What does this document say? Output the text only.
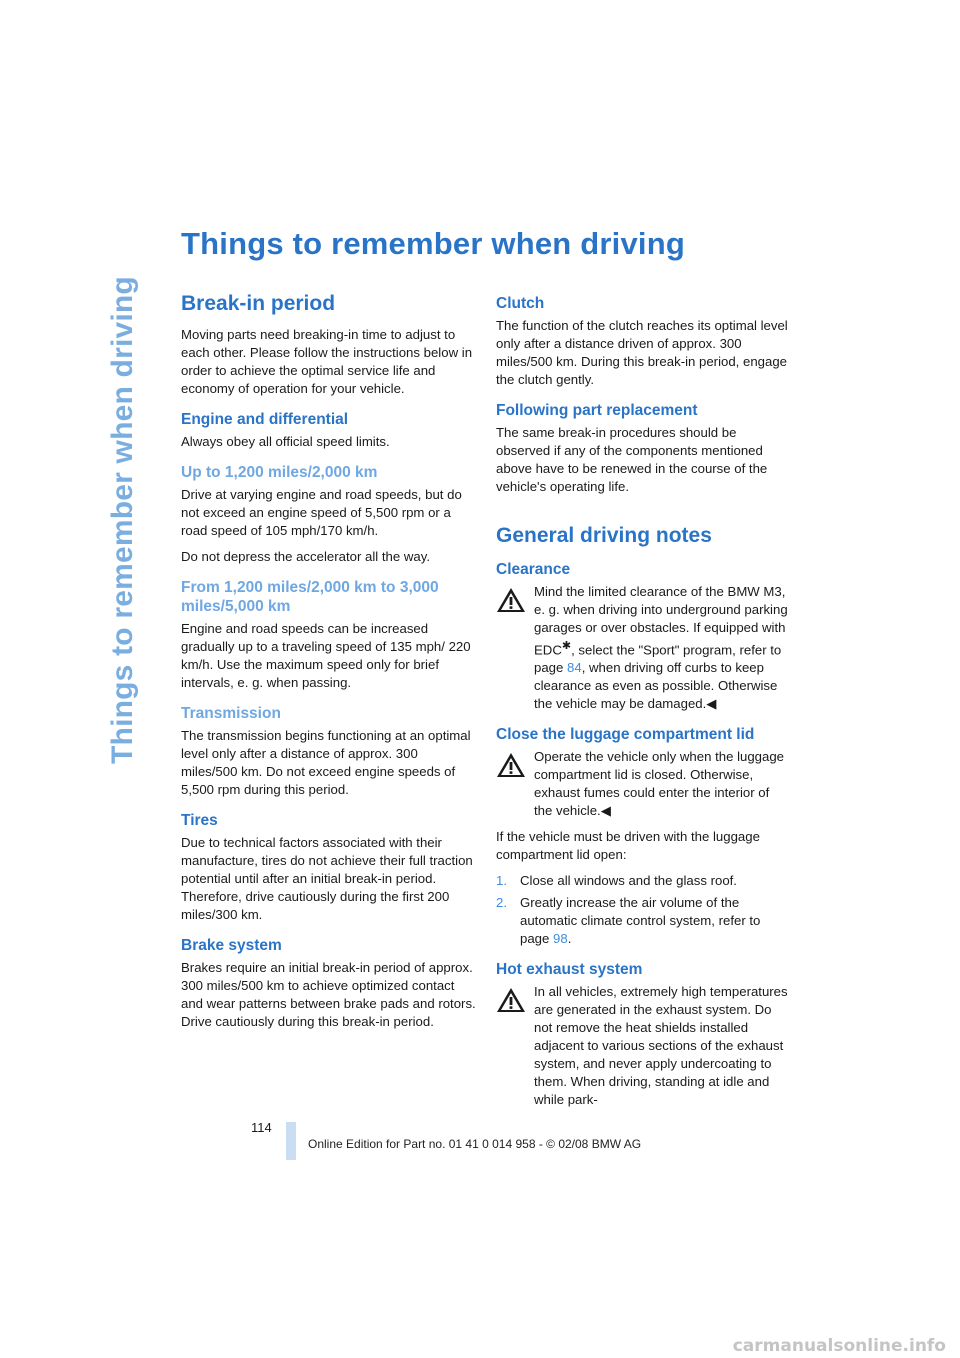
Things to remember when driving
Things to remember when driving
Break-in period

Moving parts need breaking-in time to adjust to each other. Please follow the instructions below in order to achieve the optimal service life and economy of operation for your vehicle.

Engine and differential

Always obey all official speed limits.

Up to 1,200 miles/2,000 km

Drive at varying engine and road speeds, but do not exceed an engine speed of 5,500 rpm or a road speed of 105 mph/170 km/h.

Do not depress the accelerator all the way.

From 1,200 miles/2,000 km to 3,000 miles/5,000 km

Engine and road speeds can be increased gradually up to a traveling speed of 135 mph/ 220 km/h. Use the maximum speed only for brief intervals, e. g. when passing.

Transmission

The transmission begins functioning at an optimal level only after a distance of approx. 300 miles/500 km. Do not exceed engine speeds of 5,500 rpm during this period.

Tires

Due to technical factors associated with their manufacture, tires do not achieve their full traction potential until after an initial break-in period. Therefore, drive cautiously during the first 200 miles/300 km.

Brake system

Brakes require an initial break-in period of approx. 300 miles/500 km to achieve optimized contact and wear patterns between brake pads and rotors. Drive cautiously during this break-in period.

Clutch

The function of the clutch reaches its optimal level only after a distance driven of approx. 300 miles/500 km. During this break-in period, engage the clutch gently.

Following part replacement

The same break-in procedures should be observed if any of the components mentioned above have to be renewed in the course of the vehicle's operating life.

General driving notes
Clearance

Mind the limited clearance of the BMW M3, e. g. when driving into underground parking garages or over obstacles. If equipped with EDC✱, select the "Sport" program, refer to page 84, when driving off curbs to keep clearance as even as possible. Otherwise the vehicle may be damaged.◀

Close the luggage compartment lid

Operate the vehicle only when the luggage compartment lid is closed. Otherwise, exhaust fumes could enter the interior of the vehicle.◀

If the vehicle must be driven with the luggage compartment lid open:

1. Close all windows and the glass roof.
2. Greatly increase the air volume of the automatic climate control system, refer to page 98.
Hot exhaust system

In all vehicles, extremely high temperatures are generated in the exhaust system. Do not remove the heat shields installed adjacent to various sections of the exhaust system, and never apply undercoating to them. When driving, standing at idle and while park-

114
Online Edition for Part no. 01 41 0 014 958 - © 02/08 BMW AG
carmanualsonline.info
